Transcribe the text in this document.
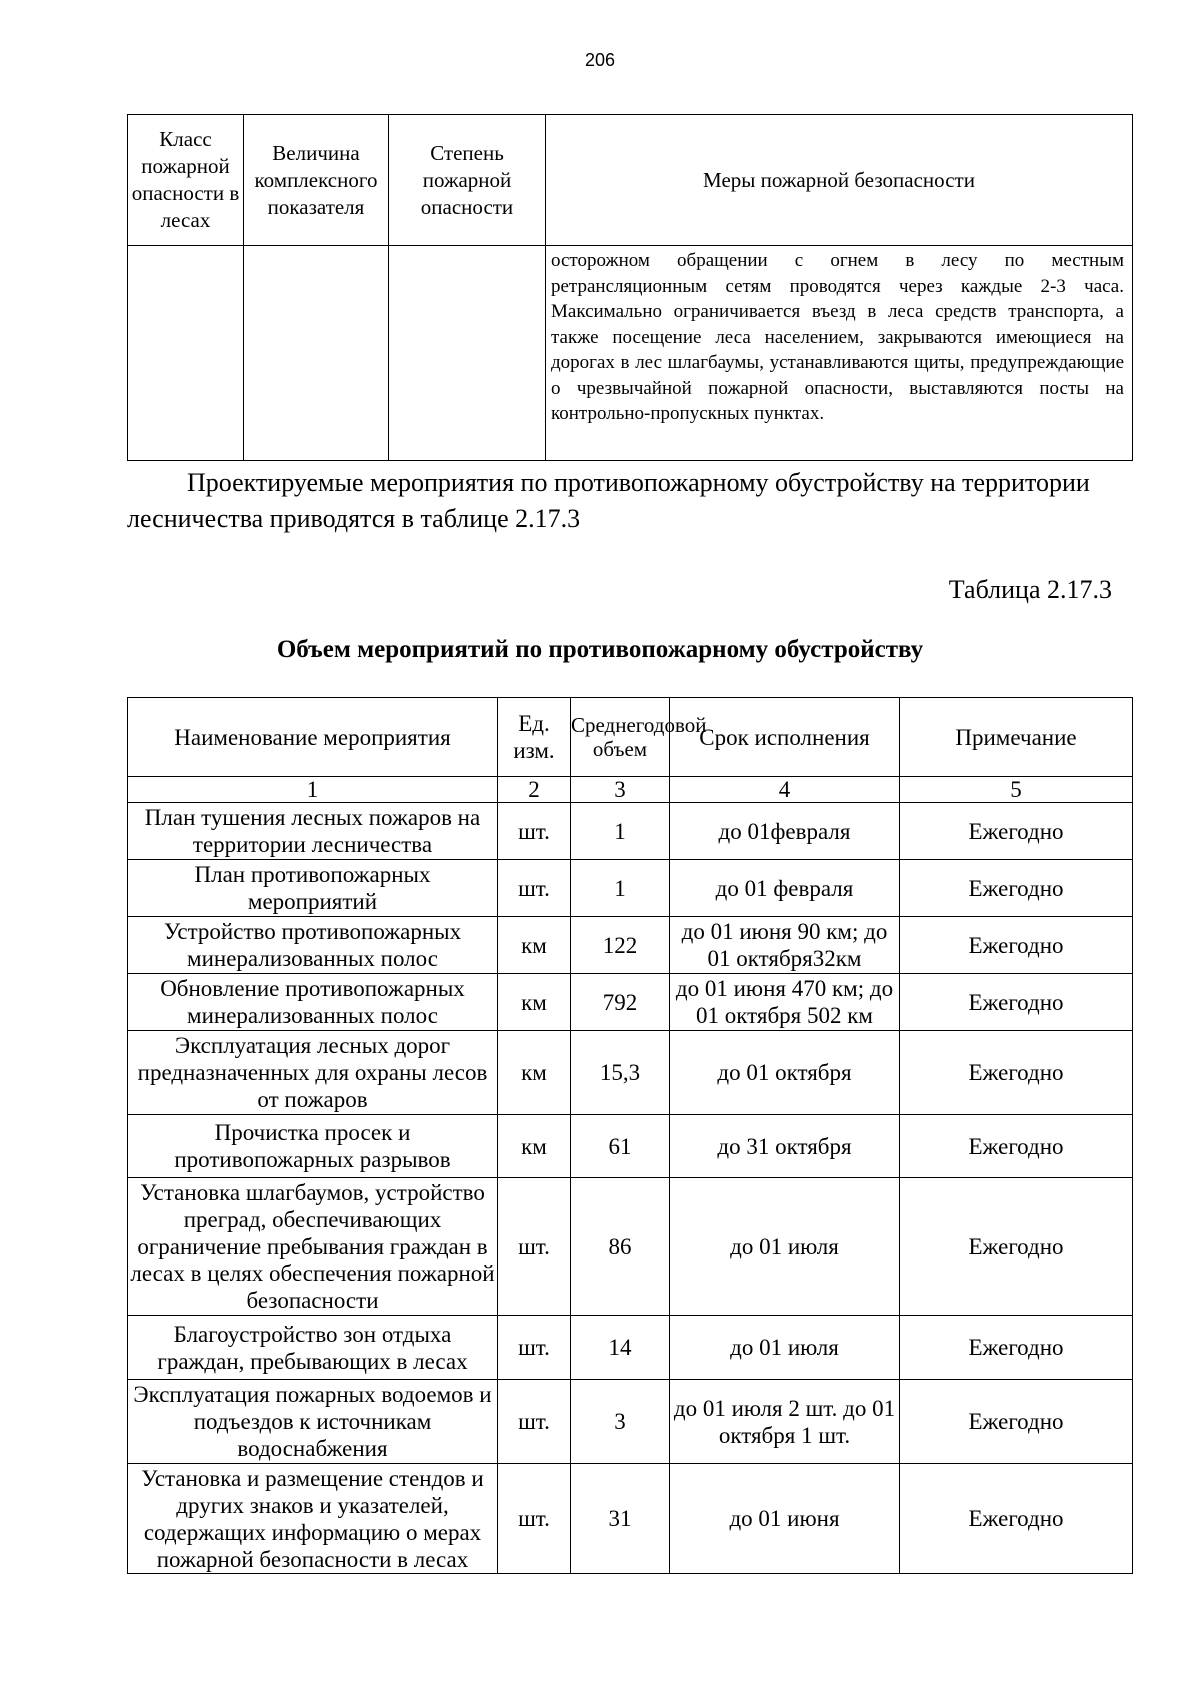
206
Класс пожарной опасности в лесах	Величина комплексного показателя	Степень пожарной опасности	Меры пожарной безопасности

			осторожном обращении с огнем в лесу по местным ретрансляционным сетям проводятся через каждые 2-3 часа. Максимально ограничивается въезд в леса средств транспорта, а также посещение леса населением, закрываются имеющиеся на дорогах в лес шлагбаумы, устанавливаются щиты, предупреждающие о чрезвычайной пожарной опасности, выставляются посты на контрольно-пропускных пунктах.

Проектируемые мероприятия по противопожарному обустройству на территории лесничества приводятся в таблице 2.17.3

Таблица 2.17.3
Объем мероприятий по противопожарному обустройству
Наименование мероприятия	Ед. изм.	Среднегодовой объем	Срок исполнения	Примечание
1	2	3	4	5
План тушения лесных пожаров на территории лесничества	шт.	1	до 01февраля	Ежегодно
План противопожарных мероприятий	шт.	1	до 01 февраля	Ежегодно
Устройство противопожарных минерализованных полос	км	122	до 01 июня 90 км; до 01 октября32км	Ежегодно
Обновление противопожарных минерализованных полос	км	792	до 01 июня 470 км; до 01 октября 502 км	Ежегодно
Эксплуатация лесных дорог предназначенных для охраны лесов от пожаров	км	15,3	до 01 октября	Ежегодно
Прочистка просек и противопожарных разрывов	км	61	до 31 октября	Ежегодно
Установка шлагбаумов, устройство преград, обеспечивающих ограничение пребывания граждан в лесах в целях обеспечения пожарной безопасности	шт.	86	до 01 июля	Ежегодно
Благоустройство зон отдыха граждан, пребывающих в лесах	шт.	14	до 01 июля	Ежегодно
Эксплуатация пожарных водоемов и подъездов к источникам водоснабжения	шт.	3	до 01 июля 2 шт. до 01 октября 1 шт.	Ежегодно
Установка и размещение стендов и других знаков и указателей, содержащих информацию о мерах пожарной безопасности в лесах	шт.	31	до 01 июня	Ежегодно
